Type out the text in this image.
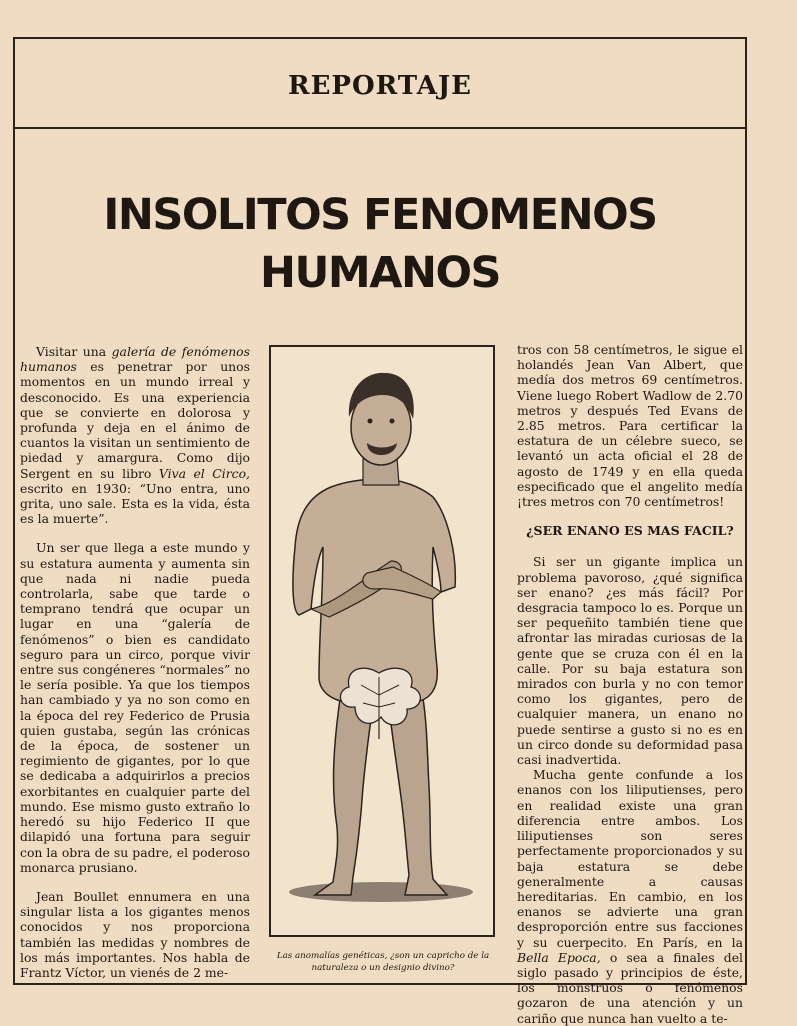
REPORTAJE
INSOLITOS FENOMENOS
HUMANOS

Visitar una galería de fenómenos humanos es penetrar por unos momentos en un mundo irreal y desconocido. Es una experiencia que se convierte en dolorosa y profunda y deja en el ánimo de cuantos la visitan un sentimiento de piedad y amargura. Como dijo Sergent en su libro Viva el Circo, escrito en 1930: “Uno entra, uno grita, uno sale. Esta es la vida, ésta es la muerte”.

Un ser que llega a este mundo y su estatura aumenta y aumenta sin que nada ni nadie pueda controlarla, sabe que tarde o temprano tendrá que ocupar un lugar en una “galería de fenómenos” o bien es candidato seguro para un circo, porque vivir entre sus congéneres “normales” no le sería posible. Ya que los tiempos han cambiado y ya no son como en la época del rey Federico de Prusia quien gustaba, según las crónicas de la época, de sostener un regimiento de gigantes, por lo que se dedicaba a adquirirlos a precios exorbitantes en cualquier parte del mundo. Ese mismo gusto extraño lo heredó su hijo Federico II que dilapidó una fortuna para seguir con la obra de su padre, el poderoso monarca prusiano.

Jean Boullet ennumera en una singular lista a los gigantes menos conocidos y nos proporciona también las medidas y nombres de los más importantes. Nos habla de Frantz Víctor, un vienés de 2 me-

Las anomalías genéticas, ¿son un capricho de la naturaleza o un designio divino?

tros con 58 centímetros, le sigue el holandés Jean Van Albert, que medía dos metros 69 centímetros. Viene luego Robert Wadlow de 2.70 metros y después Ted Evans de 2.85 metros. Para certificar la estatura de un célebre sueco, se levantó un acta oficial el 28 de agosto de 1749 y en ella queda especificado que el angelito medía ¡tres metros con 70 centímetros!

¿SER ENANO ES MAS FACIL?

Si ser un gigante implica un problema pavoroso, ¿qué significa ser enano? ¿es más fácil? Por desgracia tampoco lo es. Porque un ser pequeñito también tiene que afrontar las miradas curiosas de la gente que se cruza con él en la calle. Por su baja estatura son mirados con burla y no con temor como los gigantes, pero de cualquier manera, un enano no puede sentirse a gusto si no es en un circo donde su deformidad pasa casi inadvertida.

Mucha gente confunde a los enanos con los liliputienses, pero en realidad existe una gran diferencia entre ambos. Los liliputienses son seres perfectamente proporcionados y su baja estatura se debe generalmente a causas hereditarias. En cambio, en los enanos se advierte una gran desproporción entre sus facciones y su cuerpecito. En París, en la Bella Epoca, o sea a finales del siglo pasado y principios de éste, los monstruos o fenómenos gozaron de una atención y un cariño que nunca han vuelto a te-
